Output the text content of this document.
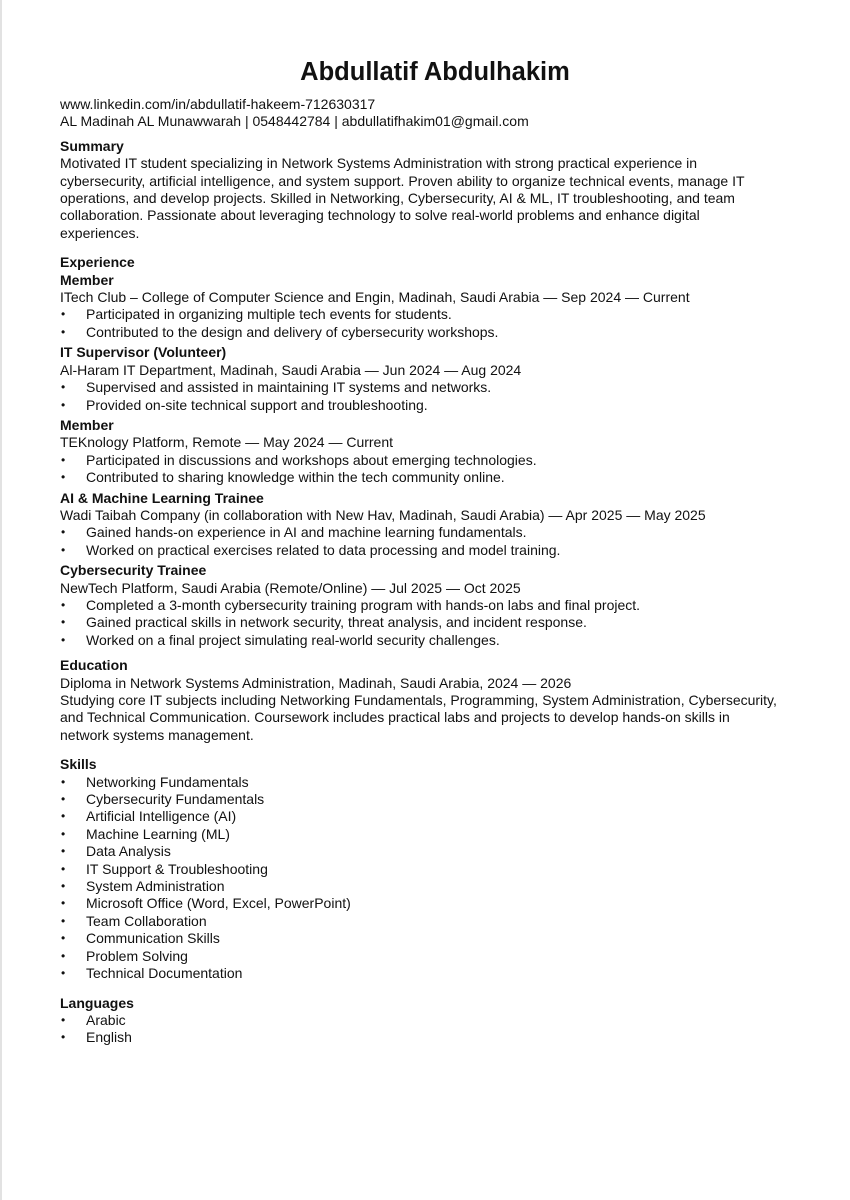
Abdullatif Abdulhakim

www.linkedin.com/in/abdullatif-hakeem-712630317

AL Madinah AL Munawwarah | 0548442784 | abdullatifhakim01@gmail.com

Summary

Motivated IT student specializing in Network Systems Administration with strong practical experience in

cybersecurity, artificial intelligence, and system support. Proven ability to organize technical events, manage IT

operations, and develop projects. Skilled in Networking, Cybersecurity, AI & ML, IT troubleshooting, and team

collaboration. Passionate about leveraging technology to solve real-world problems and enhance digital

experiences.

Experience

Member

ITech Club – College of Computer Science and Engin, Madinah, Saudi Arabia — Sep 2024 — Current

• Participated in organizing multiple tech events for students.
• Contributed to the design and delivery of cybersecurity workshops.

IT Supervisor (Volunteer)

Al-Haram IT Department, Madinah, Saudi Arabia — Jun 2024 — Aug 2024

• Supervised and assisted in maintaining IT systems and networks.
• Provided on-site technical support and troubleshooting.

Member

TEKnology Platform, Remote — May 2024 — Current

• Participated in discussions and workshops about emerging technologies.
• Contributed to sharing knowledge within the tech community online.

AI & Machine Learning Trainee

Wadi Taibah Company (in collaboration with New Hav, Madinah, Saudi Arabia) — Apr 2025 — May 2025

• Gained hands-on experience in AI and machine learning fundamentals.
• Worked on practical exercises related to data processing and model training.

Cybersecurity Trainee

NewTech Platform, Saudi Arabia (Remote/Online) — Jul 2025 — Oct 2025

• Completed a 3-month cybersecurity training program with hands-on labs and final project.
• Gained practical skills in network security, threat analysis, and incident response.
• Worked on a final project simulating real-world security challenges.

Education

Diploma in Network Systems Administration, Madinah, Saudi Arabia, 2024 — 2026

Studying core IT subjects including Networking Fundamentals, Programming, System Administration, Cybersecurity,

and Technical Communication. Coursework includes practical labs and projects to develop hands-on skills in

network systems management.

Skills

• Networking Fundamentals
• Cybersecurity Fundamentals
• Artificial Intelligence (AI)
• Machine Learning (ML)
• Data Analysis
• IT Support & Troubleshooting
• System Administration
• Microsoft Office (Word, Excel, PowerPoint)
• Team Collaboration
• Communication Skills
• Problem Solving
• Technical Documentation

Languages

• Arabic
• English
